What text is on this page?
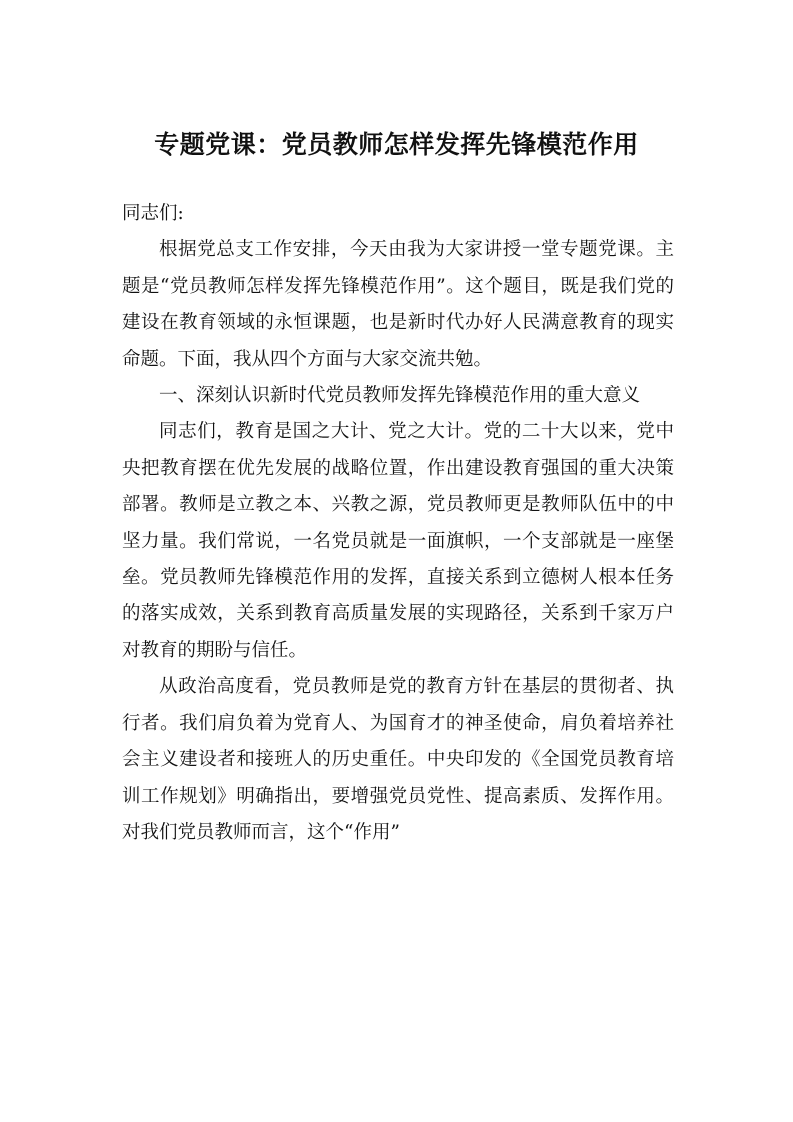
专题党课：党员教师怎样发挥先锋模范作用

同志们:

根据党总支工作安排，今天由我为大家讲授一堂专题党课。主题是“党员教师怎样发挥先锋模范作用”。这个题目，既是我们党的建设在教育领域的永恒课题，也是新时代办好人民满意教育的现实命题。下面，我从四个方面与大家交流共勉。

一、深刻认识新时代党员教师发挥先锋模范作用的重大意义

同志们，教育是国之大计、党之大计。党的二十大以来，党中央把教育摆在优先发展的战略位置，作出建设教育强国的重大决策部署。教师是立教之本、兴教之源，党员教师更是教师队伍中的中坚力量。我们常说，一名党员就是一面旗帜，一个支部就是一座堡垒。党员教师先锋模范作用的发挥，直接关系到立德树人根本任务的落实成效，关系到教育高质量发展的实现路径，关系到千家万户对教育的期盼与信任。

从政治高度看，党员教师是党的教育方针在基层的贯彻者、执行者。我们肩负着为党育人、为国育才的神圣使命，肩负着培养社会主义建设者和接班人的历史重任。中央印发的《全国党员教育培训工作规划》明确指出，要增强党员党性、提高素质、发挥作用。对我们党员教师而言，这个“作用”
